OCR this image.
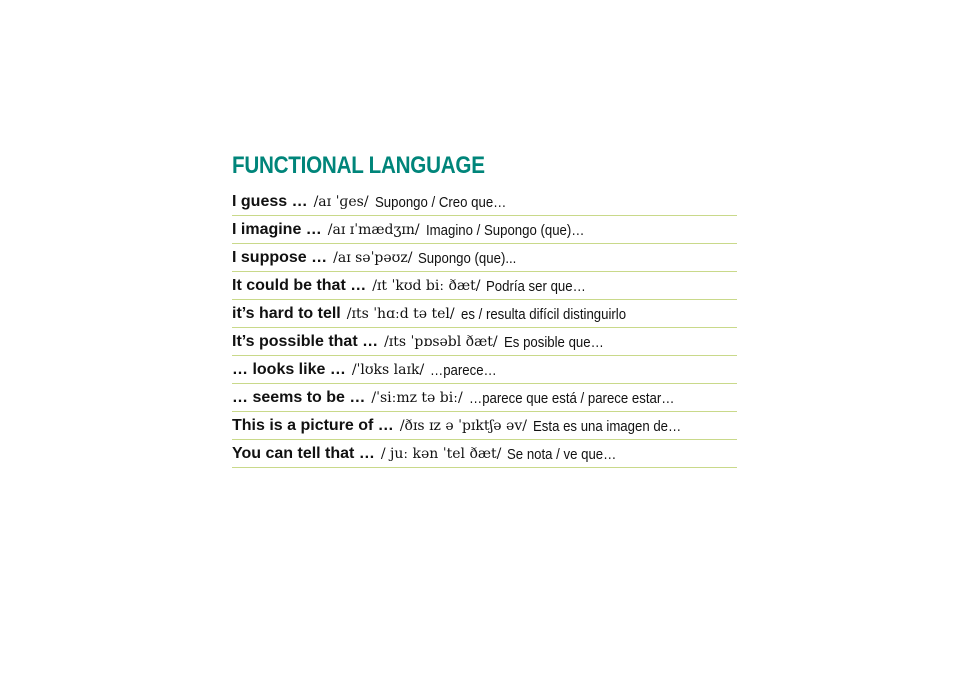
FUNCTIONAL LANGUAGE
I guess … /aɪ ˈɡes/ Supongo / Creo que…
I imagine … /aɪ ɪˈmædʒɪn/ Imagino / Supongo (que)…
I suppose … /aɪ səˈpəʊz/ Supongo (que)...
It could be that … /ɪt ˈkʊd biː ðæt/ Podría ser que…
it’s hard to tell /ɪts ˈhɑːd tə tel/ es / resulta difícil distinguirlo
It’s possible that … /ɪts ˈpɒsəbl ðæt/ Es posible que…
… looks like … /ˈlʊks laɪk/ …parece…
… seems to be … /ˈsiːmz tə biː/ …parece que está / parece estar…
This is a picture of … /ðɪs ɪz ə ˈpɪktʃə əv/ Esta es una imagen de…
You can tell that … / juː kən ˈtel ðæt/ Se nota / ve que…
